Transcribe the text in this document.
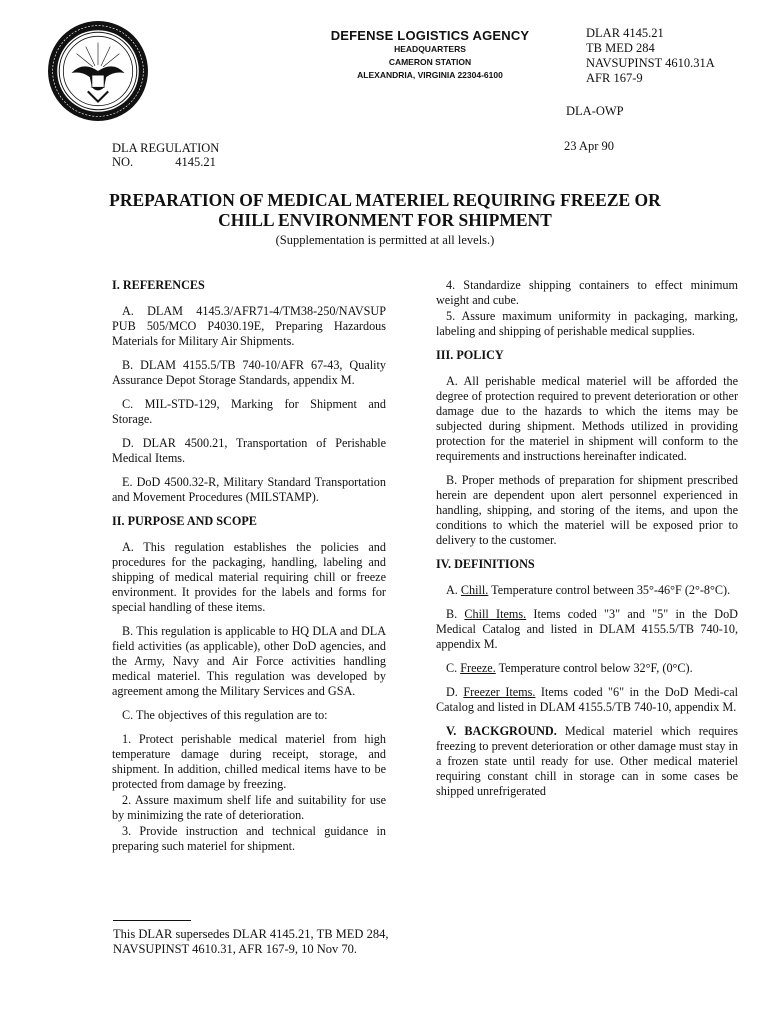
DEFENSE LOGISTICS AGENCY
HEADQUARTERS
CAMERON STATION
ALEXANDRIA, VIRGINIA 22304-6100
DLAR 4145.21
TB MED 284
NAVSUPINST 4610.31A
AFR 167-9
DLA-OWP
DLA REGULATION
NO.	4145.21
23 Apr 90
PREPARATION OF MEDICAL MATERIEL REQUIRING FREEZE OR
CHILL ENVIRONMENT FOR SHIPMENT
(Supplementation is permitted at all levels.)
I. REFERENCES

A. DLAM 4145.3/AFR71-4/TM38-250/NAVSUP PUB 505/MCO P4030.19E, Preparing Hazardous Materials for Military Air Shipments.

B. DLAM 4155.5/TB 740-10/AFR 67-43, Quality Assurance Depot Storage Standards, appendix M.

C. MIL-STD-129, Marking for Shipment and Storage.

D. DLAR 4500.21, Transportation of Perishable Medical Items.

E. DoD 4500.32-R, Military Standard Transportation and Movement Procedures (MILSTAMP).

II. PURPOSE AND SCOPE

A. This regulation establishes the policies and procedures for the packaging, handling, labeling and shipping of medical material requiring chill or freeze environment. It provides for the labels and forms for special handling of these items.

B. This regulation is applicable to HQ DLA and DLA field activities (as applicable), other DoD agencies, and the Army, Navy and Air Force activities handling medical materiel. This regulation was developed by agreement among the Military Services and GSA.

C. The objectives of this regulation are to:

1. Protect perishable medical materiel from high temperature damage during receipt, storage, and shipment. In addition, chilled medical items have to be protected from damage by freezing.

2. Assure maximum shelf life and suitability for use by minimizing the rate of deterioration.

3. Provide instruction and technical guidance in preparing such materiel for shipment.

4. Standardize shipping containers to effect minimum weight and cube.

5. Assure maximum uniformity in packaging, marking, labeling and shipping of perishable medical supplies.

III. POLICY

A. All perishable medical materiel will be afforded the degree of protection required to prevent deterioration or other damage due to the hazards to which the items may be subjected during shipment. Methods utilized in providing protection for the materiel in shipment will conform to the requirements and instructions hereinafter indicated.

B. Proper methods of preparation for shipment prescribed herein are dependent upon alert personnel experienced in handling, shipping, and storing of the items, and upon the conditions to which the materiel will be exposed prior to delivery to the customer.

IV. DEFINITIONS

A. Chill. Temperature control between 35°-46°F (2°-8°C).

B. Chill Items. Items coded "3" and "5" in the DoD Medical Catalog and listed in DLAM 4155.5/TB 740-10, appendix M.

C. Freeze. Temperature control below 32°F, (0°C).

D. Freezer Items. Items coded "6" in the DoD Medi-cal Catalog and listed in DLAM 4155.5/TB 740-10, appendix M.

V. BACKGROUND. Medical materiel which requires freezing to prevent deterioration or other damage must stay in a frozen state until ready for use. Other medical materiel requiring constant chill in storage can in some cases be shipped unrefrigerated

This DLAR supersedes DLAR 4145.21, TB MED 284,
NAVSUPINST 4610.31, AFR 167-9, 10 Nov 70.
